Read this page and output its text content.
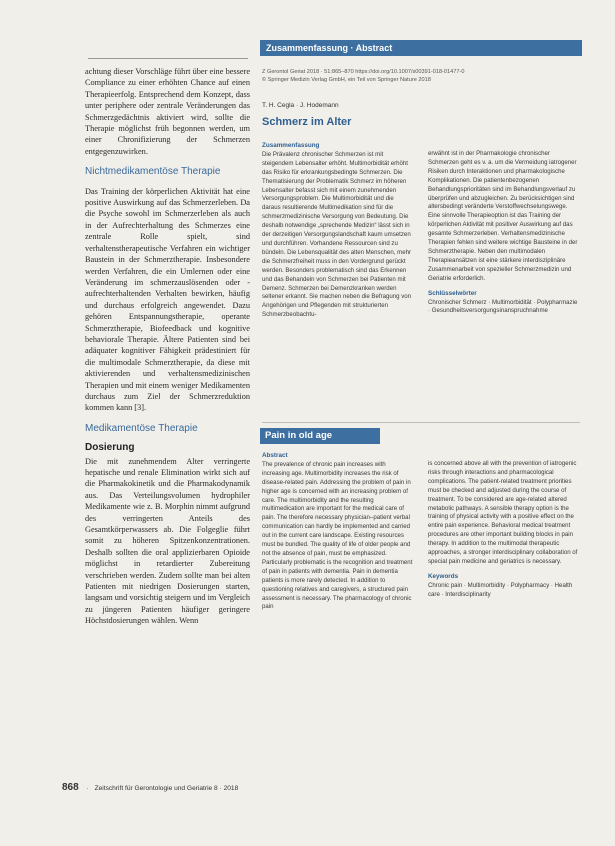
achtung dieser Vorschläge führt über eine bessere Compliance zu einer erhöhten Chance auf einen Therapieerfolg. Entsprechend dem Konzept, dass unter periphere oder zentrale Veränderungen das Schmerzgedächtnis aktiviert wird, sollte die Therapie möglichst früh begonnen werden, um einer Chronifizierung der Schmerzen entgegenzuwirken.

Nichtmedikamentöse Therapie

Das Training der körperlichen Aktivität hat eine positive Auswirkung auf das Schmerzerleben. Da die Psyche sowohl im Schmerzerleben als auch in der Aufrechterhaltung des Schmerzes eine zentrale Rolle spielt, sind verhaltenstherapeutische Verfahren ein wichtiger Baustein in der Schmerztherapie. Insbesondere werden Verfahren, die ein Umlernen oder eine Veränderung im schmerzauslösenden oder -aufrechterhaltenden Verhalten bewirken, häufig und durchaus erfolgreich angewendet. Dazu gehören Entspannungstherapie, operante Schmerztherapie, Biofeedback und kognitive behaviorale Therapie. Ältere Patienten sind bei adäquater kognitiver Fähigkeit prädestiniert für die multimodale Schmerztherapie, da diese mit aktivierenden und verhaltensmedizinischen Therapien und mit einem weniger Medikamenten durchaus zum Ziel der Schmerzreduktion kommen kann [3].

Medikamentöse Therapie
Dosierung

Die mit zunehmendem Alter verringerte hepatische und renale Elimination wirkt sich auf die Pharmakokinetik und die Pharmakodynamik aus. Das Verteilungsvolumen hydrophiler Medikamente wie z. B. Morphin nimmt aufgrund des verringerten Anteils des Gesamtkörperwassers ab. Die Folgeglie führt somit zu höheren Spitzenkonzentrationen. Deshalb sollten die oral applizierbaren Opioide möglichst in retardierter Zubereitung verschrieben werden. Zudem sollte man bei alten Patienten mit niedrigen Dosierungen starten, langsam und vorsichtig steigern und im Vergleich zu jüngeren Patienten häufiger geringere Höchstdosierungen wählen. Wenn

Zusammenfassung · Abstract
Z Gerontol Geriat 2018 · 51:865–870 https://doi.org/10.1007/s00391-018-01477-0
© Springer Medizin Verlag GmbH, ein Teil von Springer Nature 2018
T. H. Cegla · J. Hodemann
Schmerz im Alter
Zusammenfassung
Die Prävalenz chronischer Schmerzen ist mit steigendem Lebensalter erhöht. Multimorbidität erhöht das Risiko für erkrankungsbedingte Schmerzen. Die Thematisierung der Problematik Schmerz im höheren Lebensalter befasst sich mit einem zunehmenden Versorgungsproblem. Die Multimorbidität und die daraus resultierende Multimedikation sind für die schmerzmedizinische Versorgung von Bedeutung. Die deshalb notwendige „sprechende Medizin“ lässt sich in der derzeitigen Versorgungslandschaft kaum umsetzen und durchführen. Vorhandene Ressourcen sind zu bündeln. Die Lebensqualität des alten Menschen, mehr die Schmerzfreiheit muss in den Vordergrund gerückt werden. Besonders problematisch sind das Erkennen und das Behandeln von Schmerzen bei Patienten mit Demenz. Schmerzen bei Demenzkranken werden seltener erkannt. Sie machen neben die Befragung von Angehörigen und Pflegenden mit strukturierten Schmerzbeobachtu-
erwähnt ist in der Pharmakologie chronischer Schmerzen geht es v. a. um die Vermeidung iatrogener Risiken durch Interaktionen und pharmakologische Komplikationen. Die patientenbezogenen Behandlungsprioritäten sind im Behandlungsverlauf zu überprüfen und abzugleichen. Zu berücksichtigen sind altersbedingt veränderte Verstoffwechselungswege. Eine sinnvolle Therapieoption ist das Training der körperlichen Aktivität mit positiver Auswirkung auf das gesamte Schmerzerleben. Verhaltensmedizinische Therapien fehlen sind weitere wichtige Bausteine in der Schmerztherapie. Neben den multimodalen Therapieansätzen ist eine stärkere interdisziplinäre Zusammenarbeit von spezieller Schmerzmedizin und Geriatrie erforderlich.
Schlüsselwörter
Chronischer Schmerz · Multimorbidität · Polypharmazie · Gesundheitsversorgungsinanspruchnahme
Pain in old age
Abstract
The prevalence of chronic pain increases with increasing age. Multimorbidity increases the risk of disease-related pain. Addressing the problem of pain in higher age is concerned with an increasing problem of care. The multimorbidity and the resulting multimedication are important for the medical care of pain. The therefore necessary physician–patient verbal communication can hardly be implemented and carried out in the current care landscape. Existing resources must be bundled. The quality of life of older people and not the absence of pain, must be emphasized. Particularly problematic is the recognition and treatment of pain in patients with dementia. Pain in dementia patients is more rarely detected. In addition to questioning relatives and caregivers, a structured pain assessment is necessary. The pharmacology of chronic pain
is concerned above all with the prevention of iatrogenic risks through interactions and pharmacological complications. The patient-related treatment priorities must be checked and adjusted during the course of treatment. To be considered are age-related altered metabolic pathways. A sensible therapy option is the training of physical activity with a positive effect on the entire pain experience. Behavioral medical treatment procedures are other important building blocks in pain therapy. In addition to the multimodal therapeutic approaches, a stronger interdisciplinary collaboration of special pain medicine and geriatrics is necessary.
Keywords
Chronic pain · Multimorbidity · Polypharmacy · Health care · Interdisciplinarity
868 · Zeitschrift für Gerontologie und Geriatrie 8 · 2018
